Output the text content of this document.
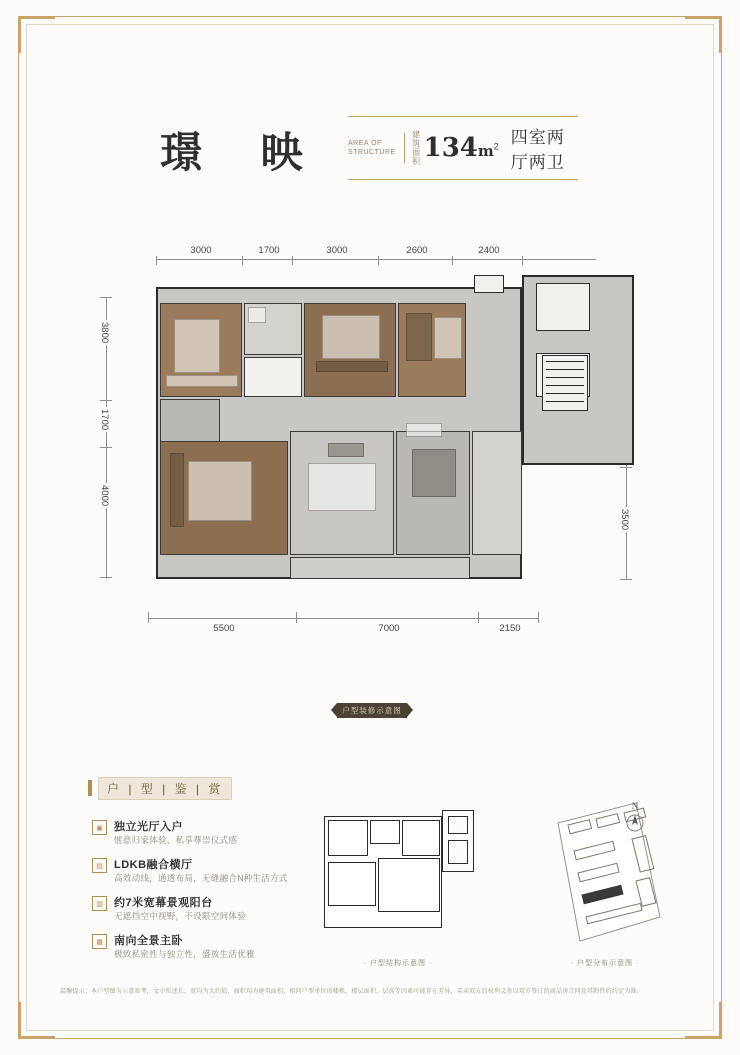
璟 映	AREA OF
STRUCTURE 建筑面积 $134m^2$ 四室两厅两卫
3000	1700	3000	2600	2400
3800
1700
4000
3500
5500	7000	2150
户型装修示意图
户 | 型 | 鉴 | 赏
▣	独立光厅入户
惬意归家体验，私享尊崇仪式感
▤	LDKB融合横厅
高效动线，通透布局，无缝融合N种生活方式
▥	约7米宽幕景观阳台
无遮挡空中视野，不设限空间体验
▦	南向全景主卧
极致私密性与独立性，盛放生活优雅
· 户型结构示意图 ·
N
· 户型分布示意图 ·
温馨提示：本户型图为示意参考，文中所述长、宽均为大约值，面积均为建筑面积，相同户型单位因楼栋、楼层面积、层高等因素可能存在差异，买卖双方的权利义务以双方签订的商品房合同及其附件的约定为准。
